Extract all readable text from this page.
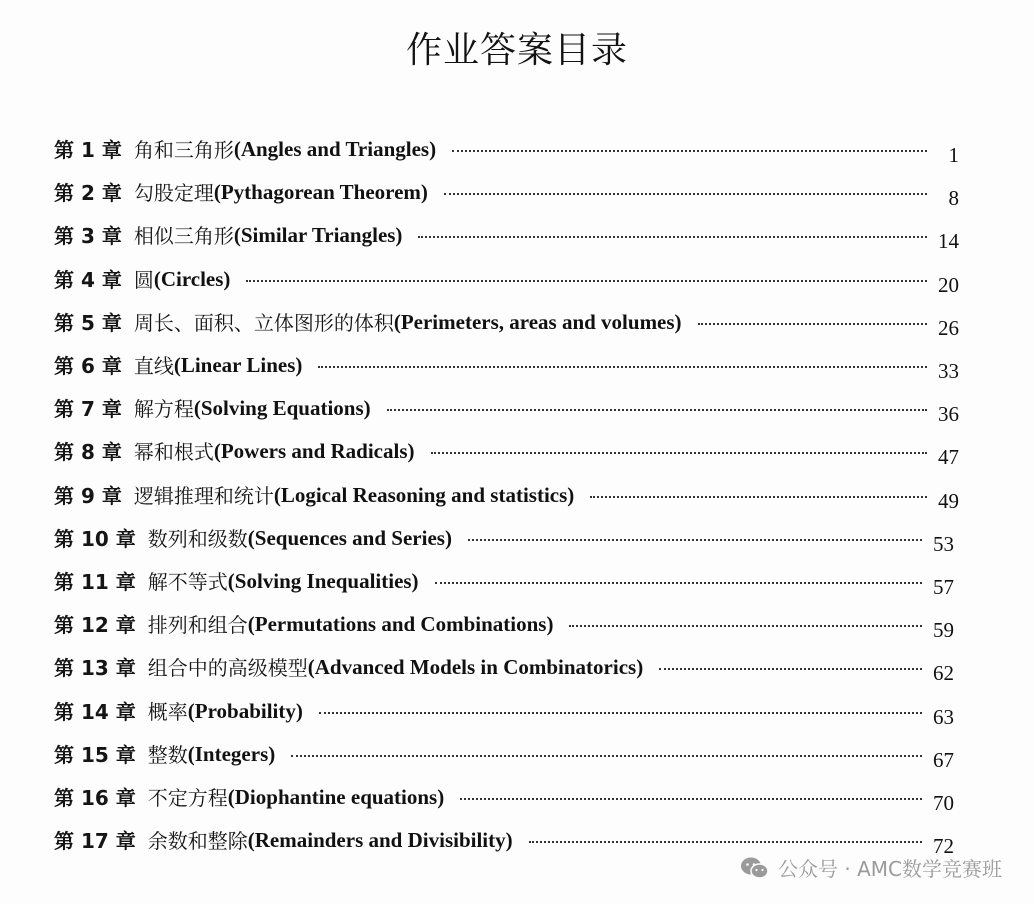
作业答案目录
第 1 章 角和三角形 (Angles and Triangles)	1
第 2 章 勾股定理 (Pythagorean Theorem)	8
第 3 章 相似三角形 (Similar Triangles)	14
第 4 章 圆 (Circles)	20
第 5 章 周长、面积、立体图形的体积 (Perimeters, areas and volumes)	26
第 6 章 直线 (Linear Lines)	33
第 7 章 解方程 (Solving Equations)	36
第 8 章 幂和根式 (Powers and Radicals)	47
第 9 章 逻辑推理和统计 (Logical Reasoning and statistics)	49
第 10 章 数列和级数 (Sequences and Series)	53
第 11 章 解不等式 (Solving Inequalities)	57
第 12 章 排列和组合 (Permutations and Combinations)	59
第 13 章 组合中的高级模型 (Advanced Models in Combinatorics)	62
第 14 章 概率 (Probability)	63
第 15 章 整数 (Integers)	67
第 16 章 不定方程 (Diophantine equations)	70
第 17 章 余数和整除 (Remainders and Divisibility)	72
公众号 · AMC数学竞赛班
